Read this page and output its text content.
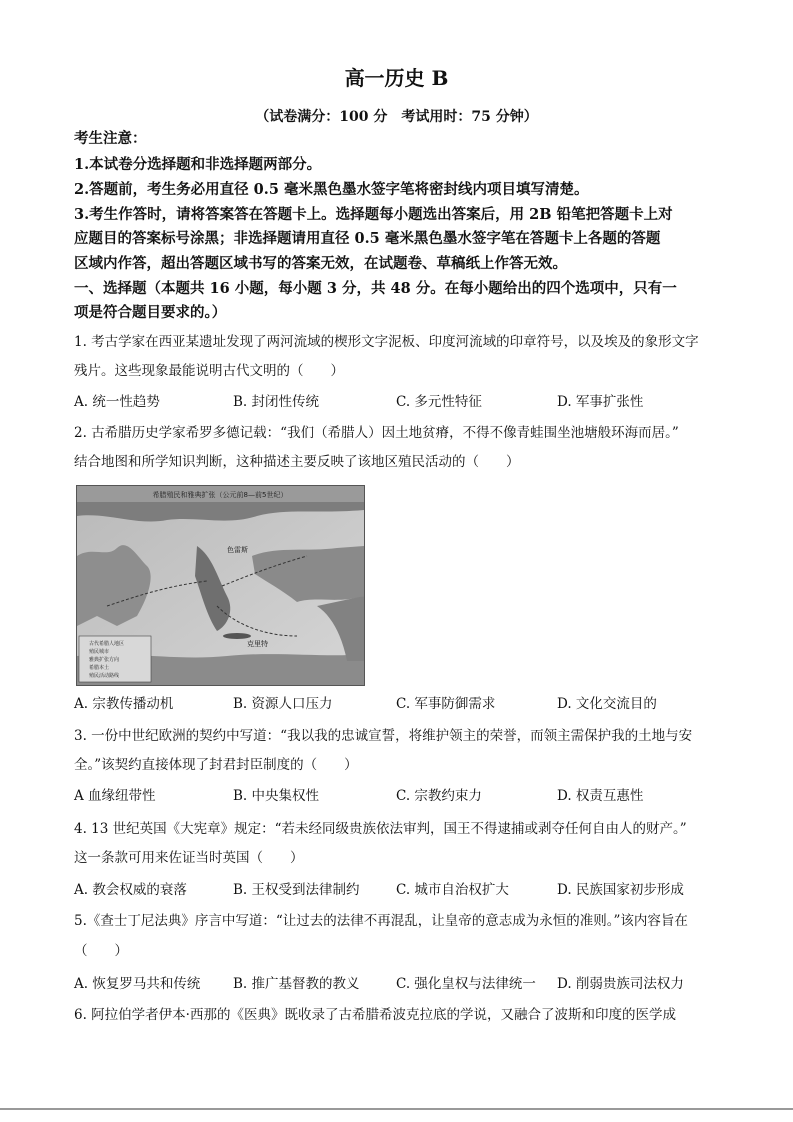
高一历史 B
（试卷满分：100 分　考试用时：75 分钟）
考生注意：
1.本试卷分选择题和非选择题两部分。
2.答题前，考生务必用直径 0.5 毫米黑色墨水签字笔将密封线内项目填写清楚。
3.考生作答时，请将答案答在答题卡上。选择题每小题选出答案后，用 2B 铅笔把答题卡上对
应题目的答案标号涂黑；非选择题请用直径 0.5 毫米黑色墨水签字笔在答题卡上各题的答题
区域内作答，超出答题区域书写的答案无效，在试题卷、草稿纸上作答无效。
一、选择题（本题共 16 小题，每小题 3 分，共 48 分。在每小题给出的四个选项中，只有一
项是符合题目要求的。）
1. 考古学家在西亚某遗址发现了两河流域的楔形文字泥板、印度河流域的印章符号，以及埃及的象形文字
残片。这些现象最能说明古代文明的（　　）
A. 统一性趋势	B. 封闭性传统	C. 多元性特征	D. 军事扩张性
2. 古希腊历史学家希罗多德记载：“我们（希腊人）因土地贫瘠，不得不像青蛙围坐池塘般环海而居。”
结合地图和所学知识判断，这种描述主要反映了该地区殖民活动的（　　）
希腊殖民和雅典扩张（公元前8—前5世纪）
色雷斯
克里特
古代希腊人地区
殖民城市
雅典扩张方向
希腊本土
殖民活动路线
A. 宗教传播动机	B. 资源人口压力	C. 军事防御需求	D. 文化交流目的
3. 一份中世纪欧洲的契约中写道：“我以我的忠诚宣誓，将维护领主的荣誉，而领主需保护我的土地与安
全。”该契约直接体现了封君封臣制度的（　　）
A 血缘纽带性	B. 中央集权性	C. 宗教约束力	D. 权责互惠性
4. 13 世纪英国《大宪章》规定：“若未经同级贵族依法审判，国王不得逮捕或剥夺任何自由人的财产。”
这一条款可用来佐证当时英国（　　）
A. 教会权威的衰落	B. 王权受到法律制约	C. 城市自治权扩大	D. 民族国家初步形成
5.《查士丁尼法典》序言中写道：“让过去的法律不再混乱，让皇帝的意志成为永恒的准则。”该内容旨在
（　　）
A. 恢复罗马共和传统 B. 推广基督教的教义	C. 强化皇权与法律统一 D. 削弱贵族司法权力
6. 阿拉伯学者伊本·西那的《医典》既收录了古希腊希波克拉底的学说，又融合了波斯和印度的医学成
